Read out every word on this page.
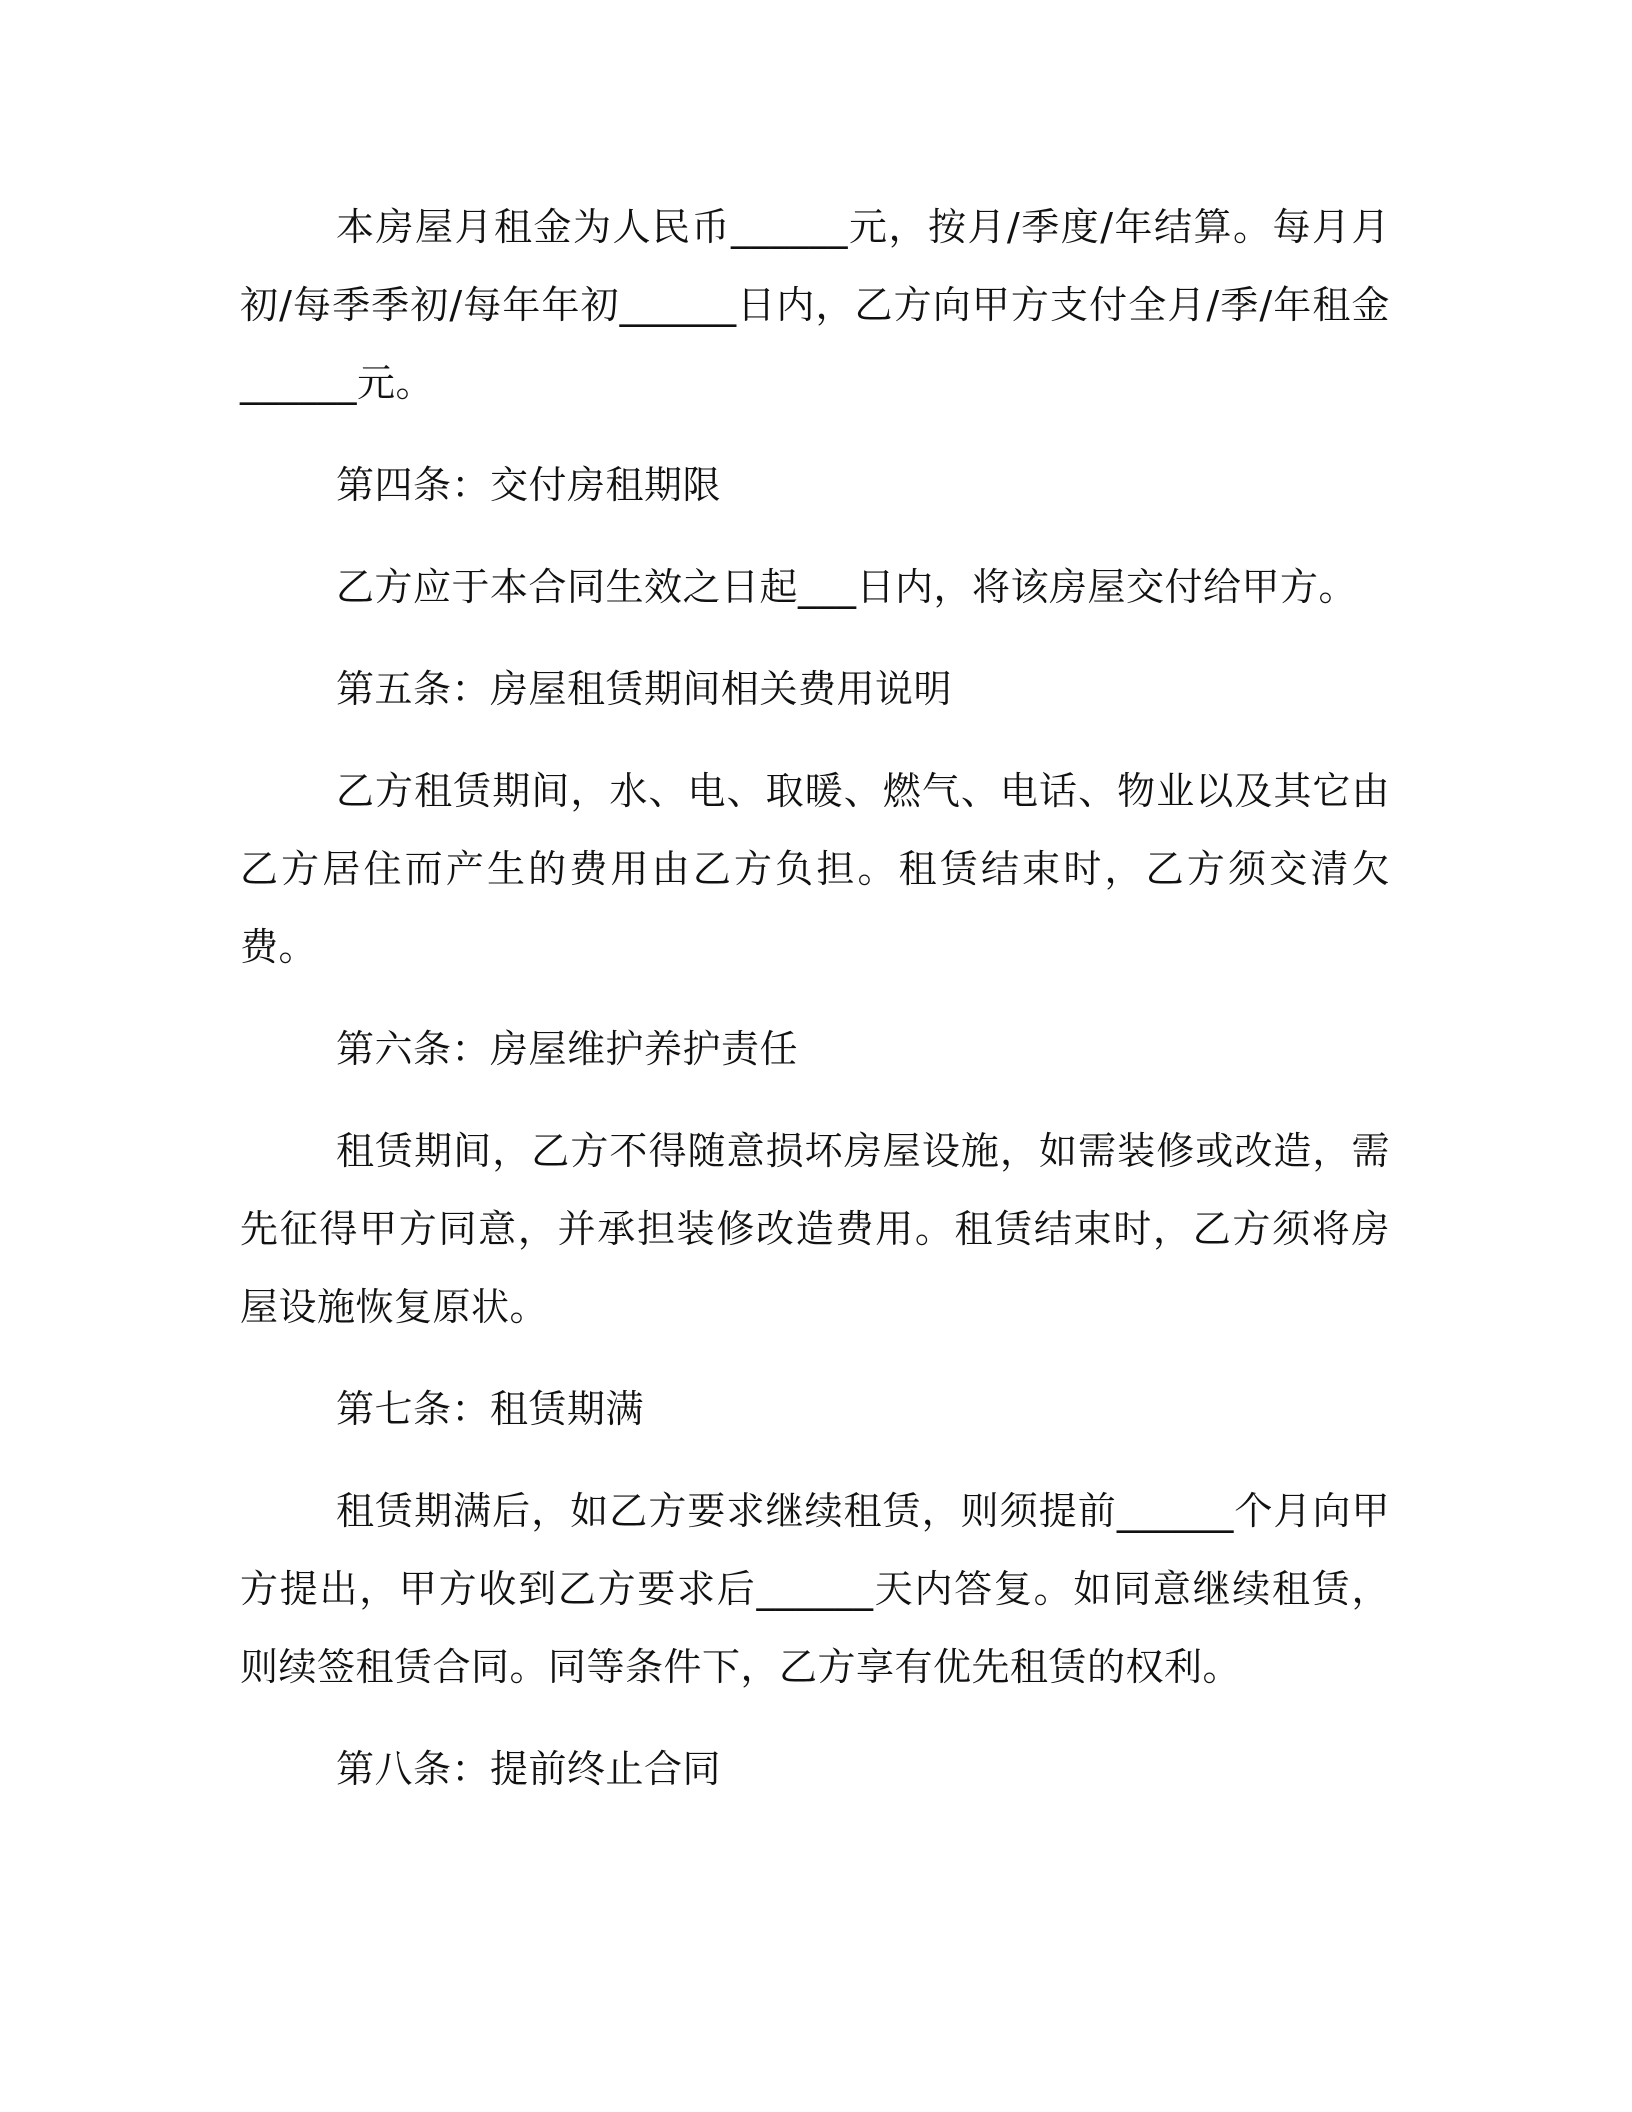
本房屋月租金为人民币______元，按月/季度/年结算。每月月初/每季季初/每年年初______日内，乙方向甲方支付全月/季/年租金______元。

第四条：交付房租期限

乙方应于本合同生效之日起___日内，将该房屋交付给甲方。

第五条：房屋租赁期间相关费用说明

乙方租赁期间，水、电、取暖、燃气、电话、物业以及其它由乙方居住而产生的费用由乙方负担。租赁结束时，乙方须交清欠费。

第六条：房屋维护养护责任

租赁期间，乙方不得随意损坏房屋设施，如需装修或改造，需先征得甲方同意，并承担装修改造费用。租赁结束时，乙方须将房屋设施恢复原状。

第七条：租赁期满

租赁期满后，如乙方要求继续租赁，则须提前______个月向甲方提出，甲方收到乙方要求后______天内答复。如同意继续租赁，则续签租赁合同。同等条件下，乙方享有优先租赁的权利。

第八条：提前终止合同
